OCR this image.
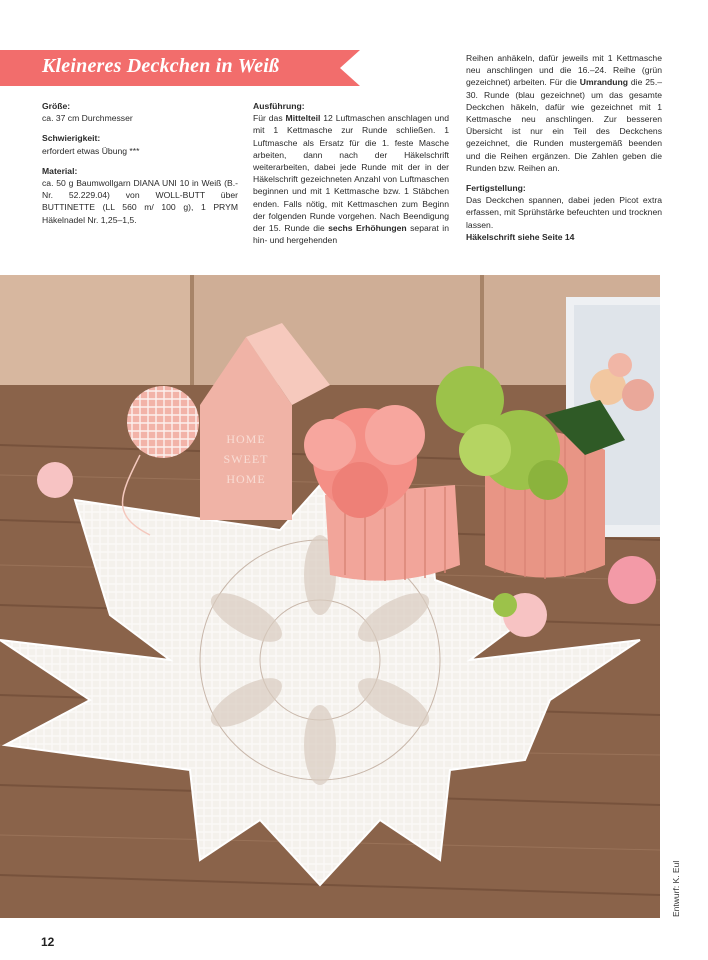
Kleineres Deckchen in Weiß

Größe:

ca. 37 cm Durchmesser

Schwierigkeit:

erfordert etwas Übung ***

Material:

ca. 50 g Baumwollgarn DIANA UNI 10 in Weiß (B.-Nr. 52.229.04) von WOLL-BUTT über BUTTINETTE (LL 560 m/ 100 g), 1 PRYM Häkelnadel Nr. 1,25–1,5.

Ausführung:

Für das Mittelteil 12 Luftmaschen anschlagen und mit 1 Kettmasche zur Runde schließen. 1 Luftmasche als Ersatz für die 1. feste Masche arbeiten, dann nach der Häkelschrift weiterarbeiten, dabei jede Runde mit der in der Häkelschrift gezeichneten Anzahl von Luftmaschen beginnen und mit 1 Kettmasche bzw. 1 Stäbchen enden. Falls nötig, mit Kettmaschen zum Beginn der folgenden Runde vorgehen. Nach Beendigung der 15. Runde die sechs Erhöhungen separat in hin- und hergehenden

Reihen anhäkeln, dafür jeweils mit 1 Kettmasche neu anschlingen und die 16.–24. Reihe (grün gezeichnet) arbeiten. Für die Umrandung die 25.–30. Runde (blau gezeichnet) um das gesamte Deckchen häkeln, dafür wie gezeichnet mit 1 Kettmasche neu anschlingen. Zur besseren Übersicht ist nur ein Teil des Deckchens gezeichnet, die Runden mustergemäß beenden und die Reihen ergänzen. Die Zahlen geben die Runden bzw. Reihen an.

Fertigstellung:

Das Deckchen spannen, dabei jeden Picot extra erfassen, mit Sprühstärke befeuchten und trocknen lassen.

Häkelschrift siehe Seite 14

HOME
SWEET
HOME
Entwurf: K. Eul
12
